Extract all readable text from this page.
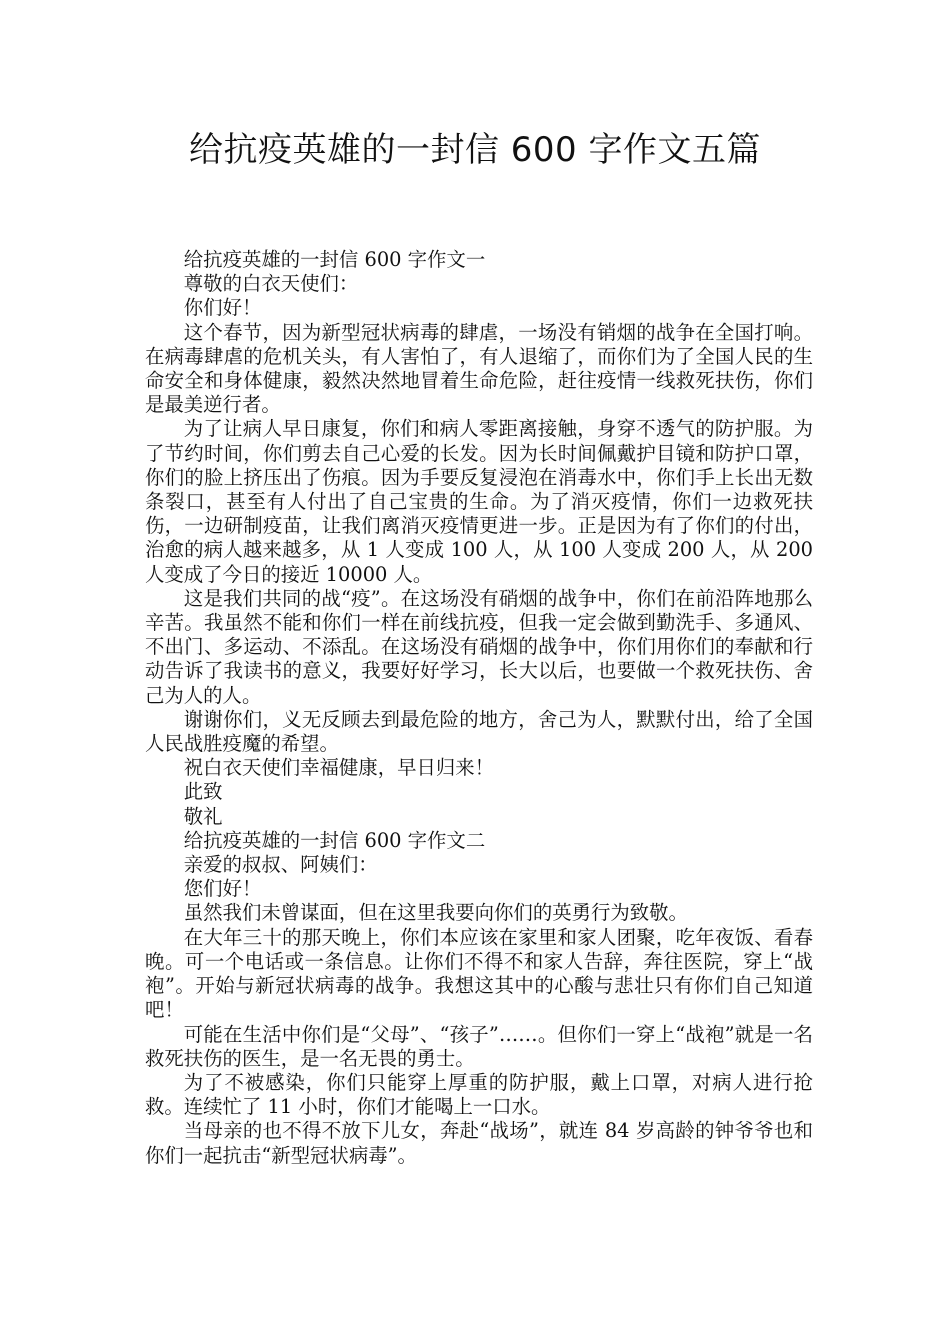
给抗疫英雄的一封信 600 字作文五篇

给抗疫英雄的一封信 600 字作文一

尊敬的白衣天使们：

你们好！

这个春节，因为新型冠状病毒的肆虐，一场没有销烟的战争在全国打响。在病毒肆虐的危机关头，有人害怕了，有人退缩了，而你们为了全国人民的生命安全和身体健康，毅然决然地冒着生命危险，赶往疫情一线救死扶伤，你们是最美逆行者。

为了让病人早日康复，你们和病人零距离接触，身穿不透气的防护服。为了节约时间，你们剪去自己心爱的长发。因为长时间佩戴护目镜和防护口罩，你们的脸上挤压出了伤痕。因为手要反复浸泡在消毒水中，你们手上长出无数条裂口，甚至有人付出了自己宝贵的生命。为了消灭疫情，你们一边救死扶伤，一边研制疫苗，让我们离消灭疫情更进一步。正是因为有了你们的付出，治愈的病人越来越多，从 1 人变成 100 人，从 100 人变成 200 人，从 200 人变成了今日的接近 10000 人。

这是我们共同的战“疫”。在这场没有硝烟的战争中，你们在前沿阵地那么辛苦。我虽然不能和你们一样在前线抗疫，但我一定会做到勤洗手、多通风、不出门、多运动、不添乱。在这场没有硝烟的战争中，你们用你们的奉献和行动告诉了我读书的意义，我要好好学习，长大以后，也要做一个救死扶伤、舍己为人的人。

谢谢你们，义无反顾去到最危险的地方，舍己为人，默默付出，给了全国人民战胜疫魔的希望。

祝白衣天使们幸福健康，早日归来！

此致

敬礼

给抗疫英雄的一封信 600 字作文二

亲爱的叔叔、阿姨们：

您们好！

虽然我们未曾谋面，但在这里我要向你们的英勇行为致敬。

在大年三十的那天晚上，你们本应该在家里和家人团聚，吃年夜饭、看春晚。可一个电话或一条信息。让你们不得不和家人告辞，奔往医院，穿上“战袍”。开始与新冠状病毒的战争。我想这其中的心酸与悲壮只有你们自己知道吧！

可能在生活中你们是“父母”、“孩子”……。但你们一穿上“战袍”就是一名救死扶伤的医生，是一名无畏的勇士。

为了不被感染，你们只能穿上厚重的防护服，戴上口罩，对病人进行抢救。连续忙了 11 小时，你们才能喝上一口水。

当母亲的也不得不放下儿女，奔赴“战场”，就连 84 岁高龄的钟爷爷也和你们一起抗击“新型冠状病毒”。
